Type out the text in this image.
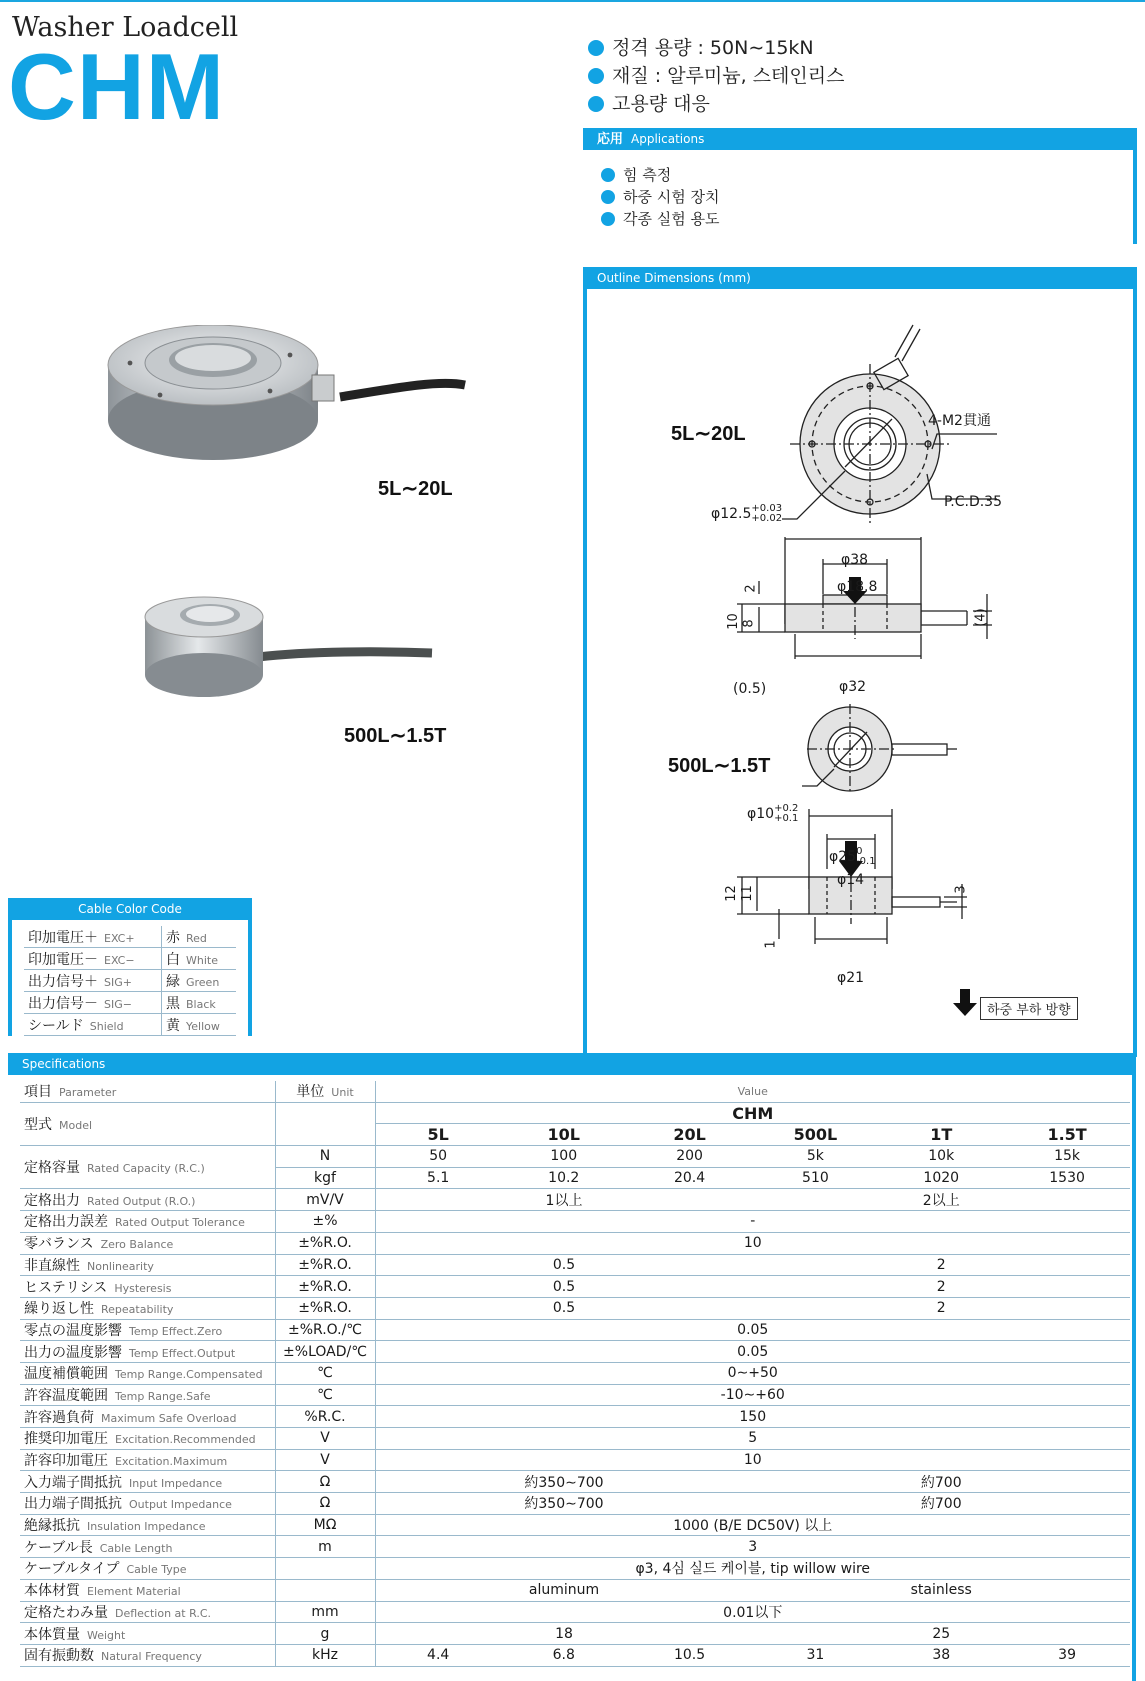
Washer Loadcell
CHM	정격 용량 : 50N∼15kN
재질 : 알루미늄, 스테인리스
고용량 대응
応用 Applications
힘 측정
하중 시험 장치
각종 실험 용도
5L∼20L
500L∼1.5T
Outline Dimensions (mm)
5L∼20L
500L∼1.5T
4-M2貫通
φ12.5+0.03
+0.02
P.C.D.35
φ38
φ18.8
φ32
10 8
2
(0.5)
(4)
φ10+0.2
+0.1
φ250
-0.1
φ14
φ21
12 11
1
3
하중 부하 방향
Cable Color Code
印加電圧＋ EXC+	赤 Red
印加電圧－ EXC−	白 White
出力信号＋ SIG+	緑 Green
出力信号－ SIG−	黒 Black
シールド Shield	黄 Yellow
Specifications
項目 Parameter	単位 Unit	Value					
型式 Model		CHM					
		5L	10L	20L	500L	1T	1.5T
定格容量 Rated Capacity (R.C.)	N	50	100	200	5k	10k	15k
	kgf	5.1	10.2	20.4	510	1020	1530
定格出力 Rated Output (R.O.)	mV/V	1以上			2以上		
定格出力誤差 Rated Output Tolerance	±%	-					
零バランス Zero Balance	±%R.O.	10					
非直線性 Nonlinearity	±%R.O.	0.5			2		
ヒステリシス Hysteresis	±%R.O.	0.5			2		
繰り返し性 Repeatability	±%R.O.	0.5			2		
零点の温度影響 Temp Effect.Zero	±%R.O./℃	0.05					
出力の温度影響 Temp Effect.Output	±%LOAD/℃	0.05					
温度補償範囲 Temp Range.Compensated	℃	0∼+50					
許容温度範囲 Temp Range.Safe	℃	-10∼+60					
許容過負荷 Maximum Safe Overload	%R.C.	150					
推奨印加電圧 Excitation.Recommended	V	5					
許容印加電圧 Excitation.Maximum	V	10					
入力端子間抵抗 Input Impedance	Ω	約350∼700			約700		
出力端子間抵抗 Output Impedance	Ω	約350∼700			約700		
絶縁抵抗 Insulation Impedance	MΩ	1000 (B/E DC50V) 以上					
ケーブル長 Cable Length	m	3					
ケーブルタイプ Cable Type		φ3, 4심 실드 케이블, tip willow wire					
本体材質 Element Material		aluminum			stainless		
定格たわみ量 Deflection at R.C.	mm	0.01以下					
本体質量 Weight	g	18			25		
固有振動数 Natural Frequency	kHz	4.4	6.8	10.5	31	38	39
